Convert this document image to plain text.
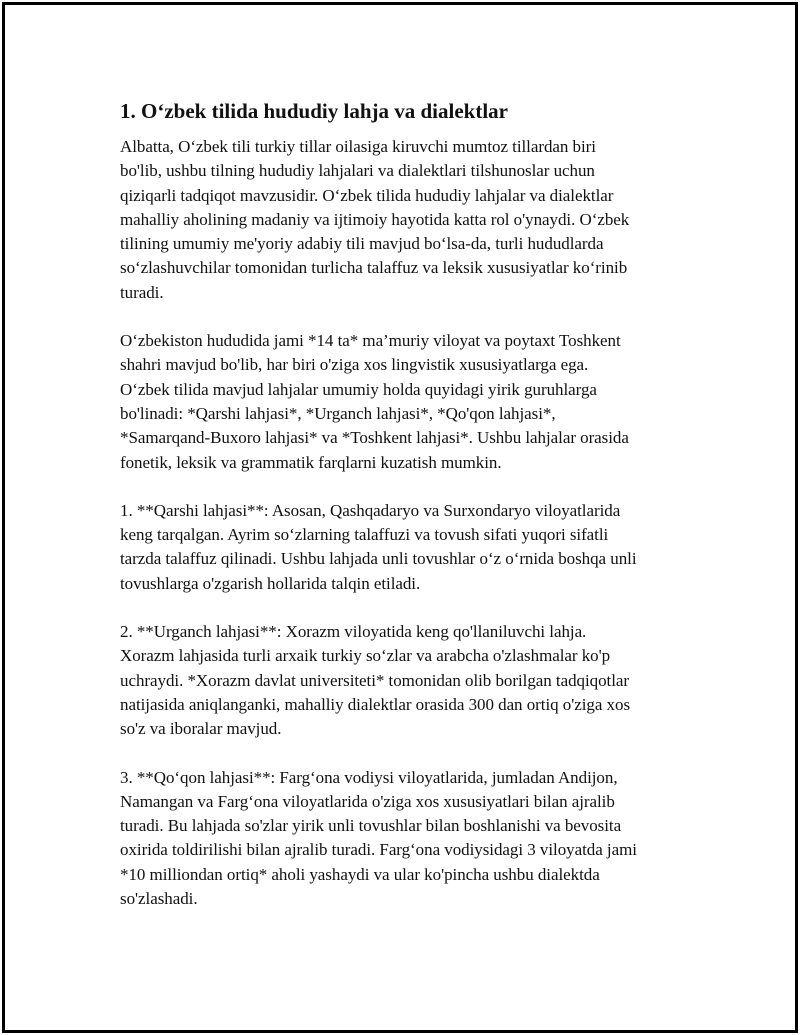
1. O‘zbek tilida hududiy lahja va dialektlar

Albatta, O‘zbek tili turkiy tillar oilasiga kiruvchi mumtoz tillardan biri
bo'lib, ushbu tilning hududiy lahjalari va dialektlari tilshunoslar uchun
qiziqarli tadqiqot mavzusidir. O‘zbek tilida hududiy lahjalar va dialektlar
mahalliy aholining madaniy va ijtimoiy hayotida katta rol o'ynaydi. O‘zbek
tilining umumiy me'yoriy adabiy tili mavjud bo‘lsa-da, turli hududlarda
so‘zlashuvchilar tomonidan turlicha talaffuz va leksik xususiyatlar ko‘rinib
turadi.

O‘zbekiston hududida jami *14 ta* ma’muriy viloyat va poytaxt Toshkent
shahri mavjud bo'lib, har biri o'ziga xos lingvistik xususiyatlarga ega.
O‘zbek tilida mavjud lahjalar umumiy holda quyidagi yirik guruhlarga
bo'linadi: *Qarshi lahjasi*, *Urganch lahjasi*, *Qo'qon lahjasi*,
*Samarqand-Buxoro lahjasi* va *Toshkent lahjasi*. Ushbu lahjalar orasida
fonetik, leksik va grammatik farqlarni kuzatish mumkin.

1. **Qarshi lahjasi**: Asosan, Qashqadaryo va Surxondaryo viloyatlarida
keng tarqalgan. Ayrim so‘zlarning talaffuzi va tovush sifati yuqori sifatli
tarzda talaffuz qilinadi. Ushbu lahjada unli tovushlar o‘z o‘rnida boshqa unli
tovushlarga o'zgarish hollarida talqin etiladi.

2. **Urganch lahjasi**: Xorazm viloyatida keng qo'llaniluvchi lahja.
Xorazm lahjasida turli arxaik turkiy so‘zlar va arabcha o'zlashmalar ko'p
uchraydi. *Xorazm davlat universiteti* tomonidan olib borilgan tadqiqotlar
natijasida aniqlanganki, mahalliy dialektlar orasida 300 dan ortiq o'ziga xos
so'z va iboralar mavjud.

3. **Qo‘qon lahjasi**: Farg‘ona vodiysi viloyatlarida, jumladan Andijon,
Namangan va Farg‘ona viloyatlarida o'ziga xos xususiyatlari bilan ajralib
turadi. Bu lahjada so'zlar yirik unli tovushlar bilan boshlanishi va bevosita
oxirida toldirilishi bilan ajralib turadi. Farg‘ona vodiysidagi 3 viloyatda jami
*10 milliondan ortiq* aholi yashaydi va ular ko'pincha ushbu dialektda
so'zlashadi.
